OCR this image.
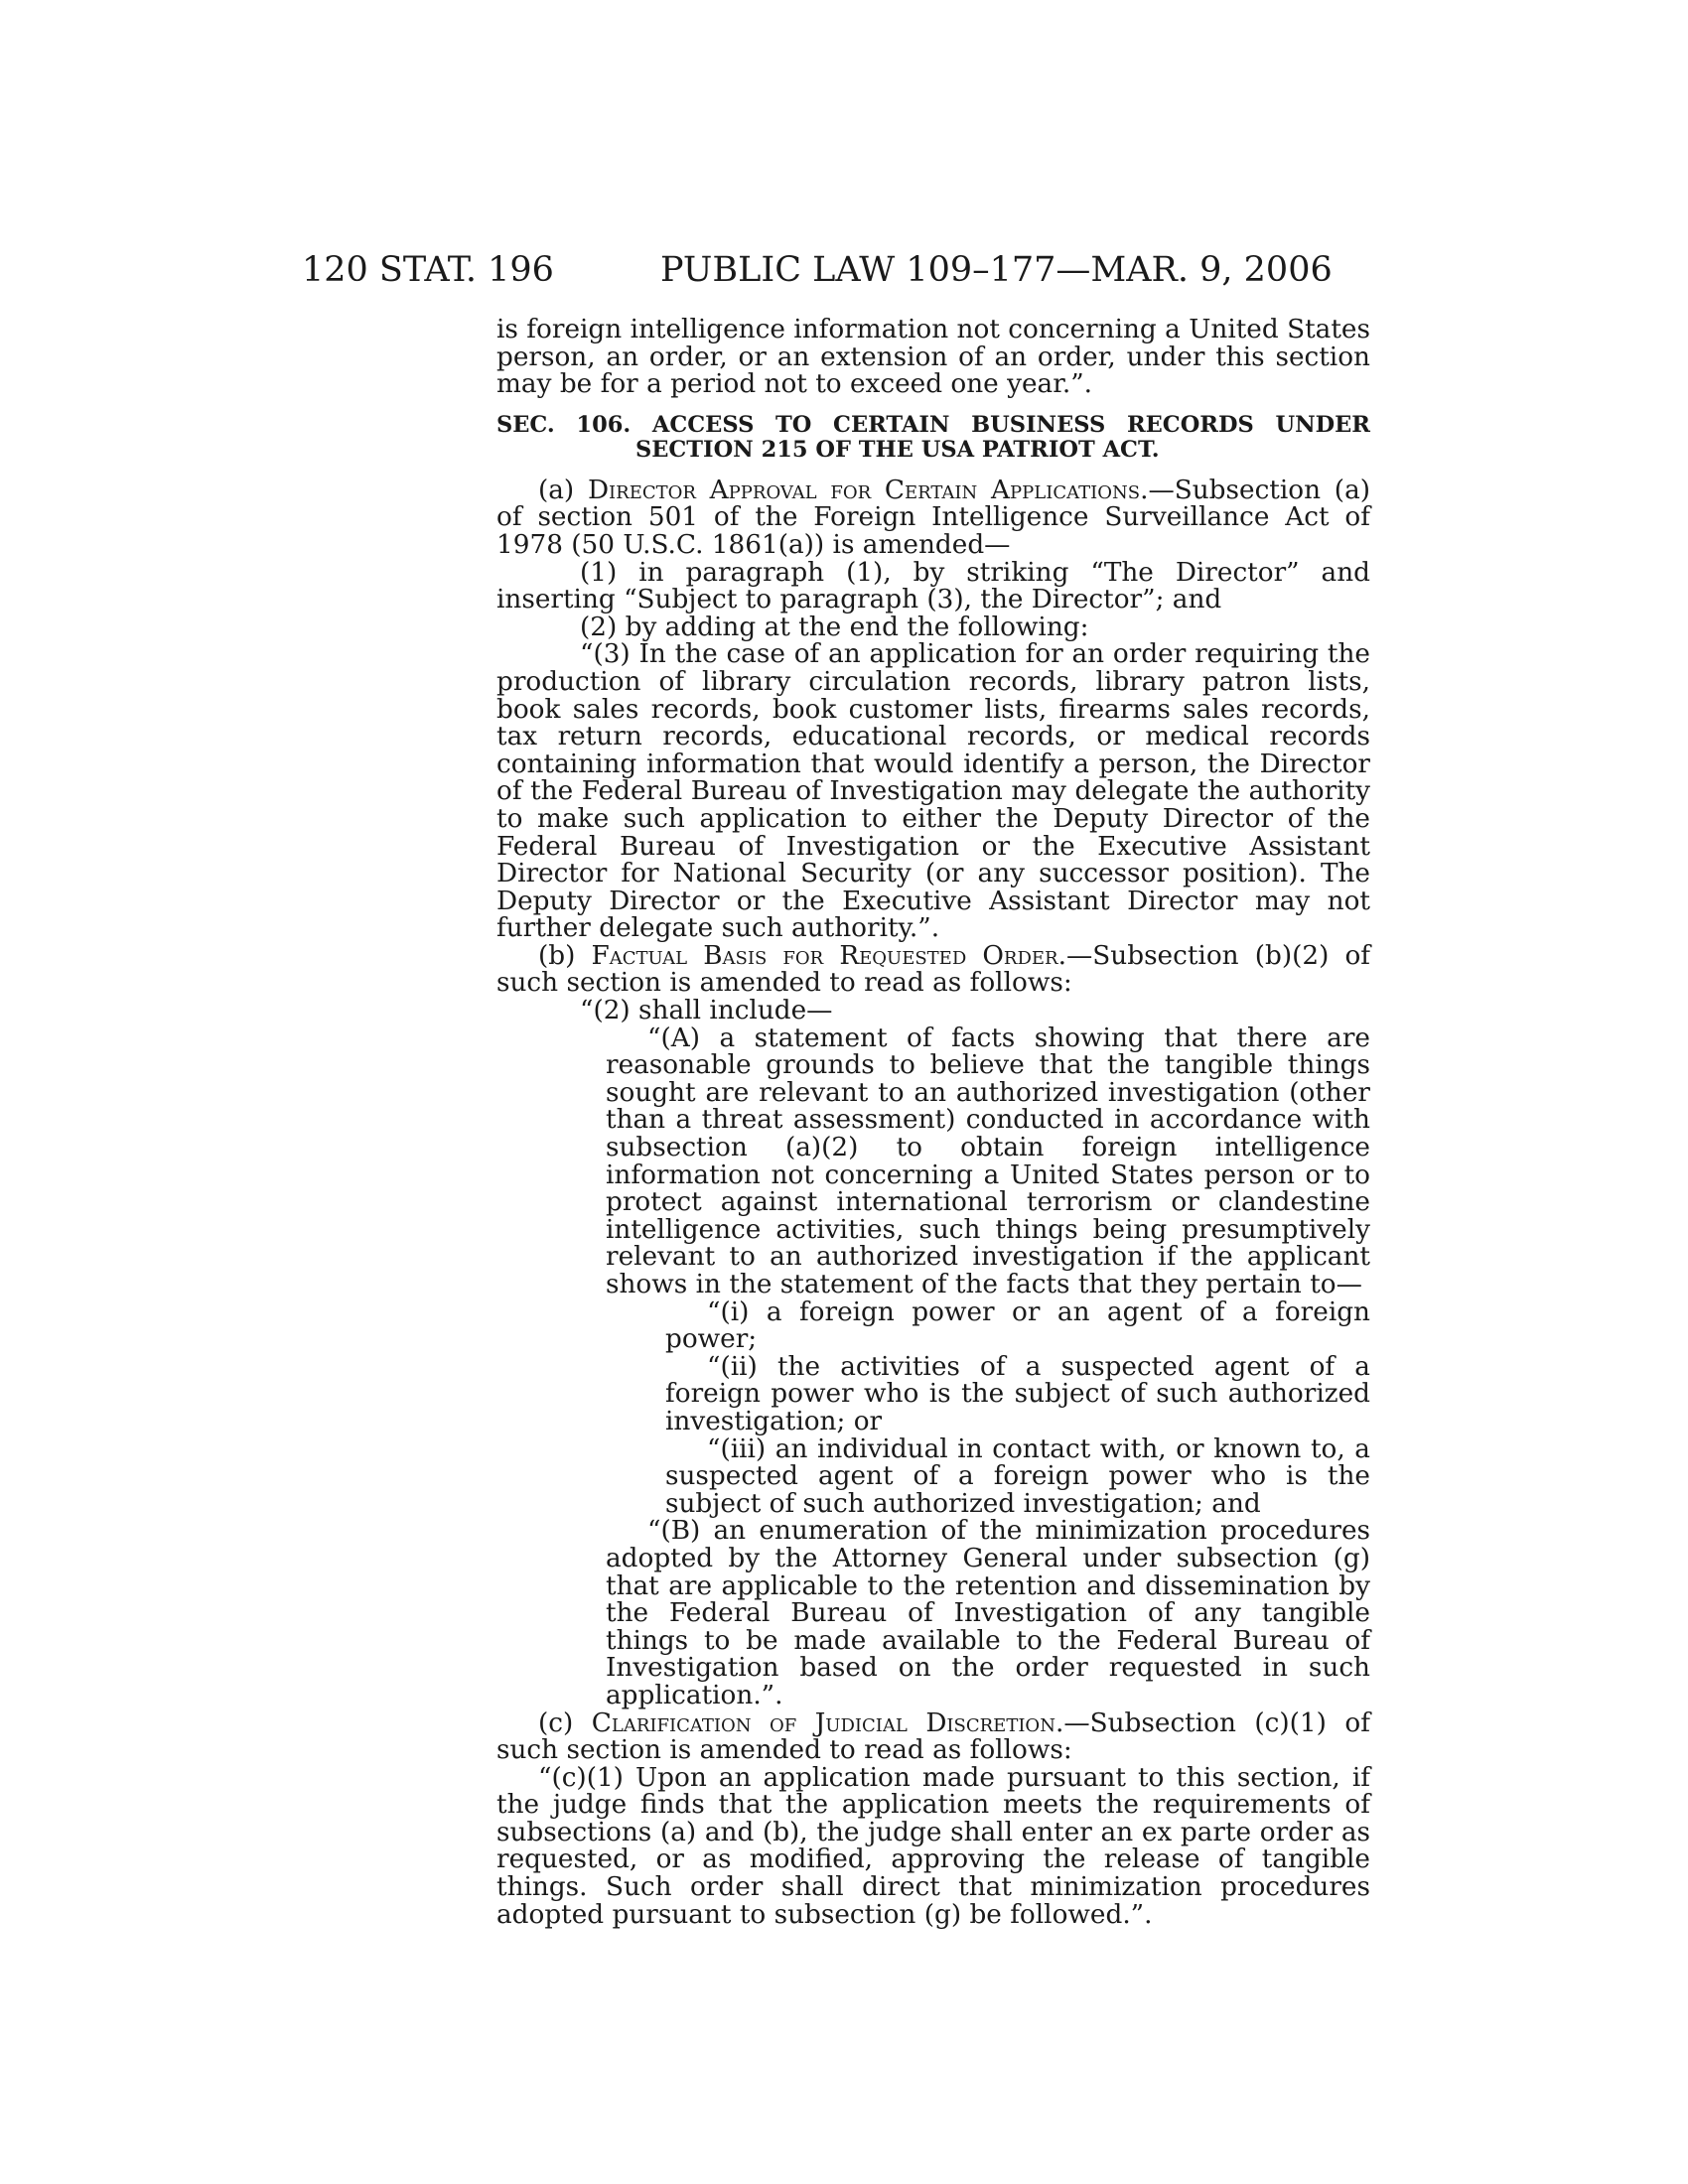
120 STAT. 196	PUBLIC LAW 109–177—MAR. 9, 2006

is foreign intelligence information not concerning a United States person, an order, or an extension of an order, under this section may be for a period not to exceed one year.”.

SEC. 106. ACCESS TO CERTAIN BUSINESS RECORDS UNDER SECTION 215 OF THE USA PATRIOT ACT.

(a) Director Approval for Certain Applications.—Subsection (a) of section 501 of the Foreign Intelligence Surveillance Act of 1978 (50 U.S.C. 1861(a)) is amended—

(1) in paragraph (1), by striking “The Director” and inserting “Subject to paragraph (3), the Director”; and

(2) by adding at the end the following:

“(3) In the case of an application for an order requiring the production of library circulation records, library patron lists, book sales records, book customer lists, firearms sales records, tax return records, educational records, or medical records containing information that would identify a person, the Director of the Federal Bureau of Investigation may delegate the authority to make such application to either the Deputy Director of the Federal Bureau of Investigation or the Executive Assistant Director for National Security (or any successor position). The Deputy Director or the Executive Assistant Director may not further delegate such authority.”.

(b) Factual Basis for Requested Order.—Subsection (b)(2) of such section is amended to read as follows:

“(2) shall include—

“(A) a statement of facts showing that there are reasonable grounds to believe that the tangible things sought are relevant to an authorized investigation (other than a threat assessment) conducted in accordance with subsection (a)(2) to obtain foreign intelligence information not concerning a United States person or to protect against international terrorism or clandestine intelligence activities, such things being presumptively relevant to an authorized investigation if the applicant shows in the statement of the facts that they pertain to—

“(i) a foreign power or an agent of a foreign power;

“(ii) the activities of a suspected agent of a foreign power who is the subject of such authorized investigation; or

“(iii) an individual in contact with, or known to, a suspected agent of a foreign power who is the subject of such authorized investigation; and

“(B) an enumeration of the minimization procedures adopted by the Attorney General under subsection (g) that are applicable to the retention and dissemination by the Federal Bureau of Investigation of any tangible things to be made available to the Federal Bureau of Investigation based on the order requested in such application.”.

(c) Clarification of Judicial Discretion.—Subsection (c)(1) of such section is amended to read as follows:

“(c)(1) Upon an application made pursuant to this section, if the judge finds that the application meets the requirements of subsections (a) and (b), the judge shall enter an ex parte order as requested, or as modified, approving the release of tangible things. Such order shall direct that minimization procedures adopted pursuant to subsection (g) be followed.”.
